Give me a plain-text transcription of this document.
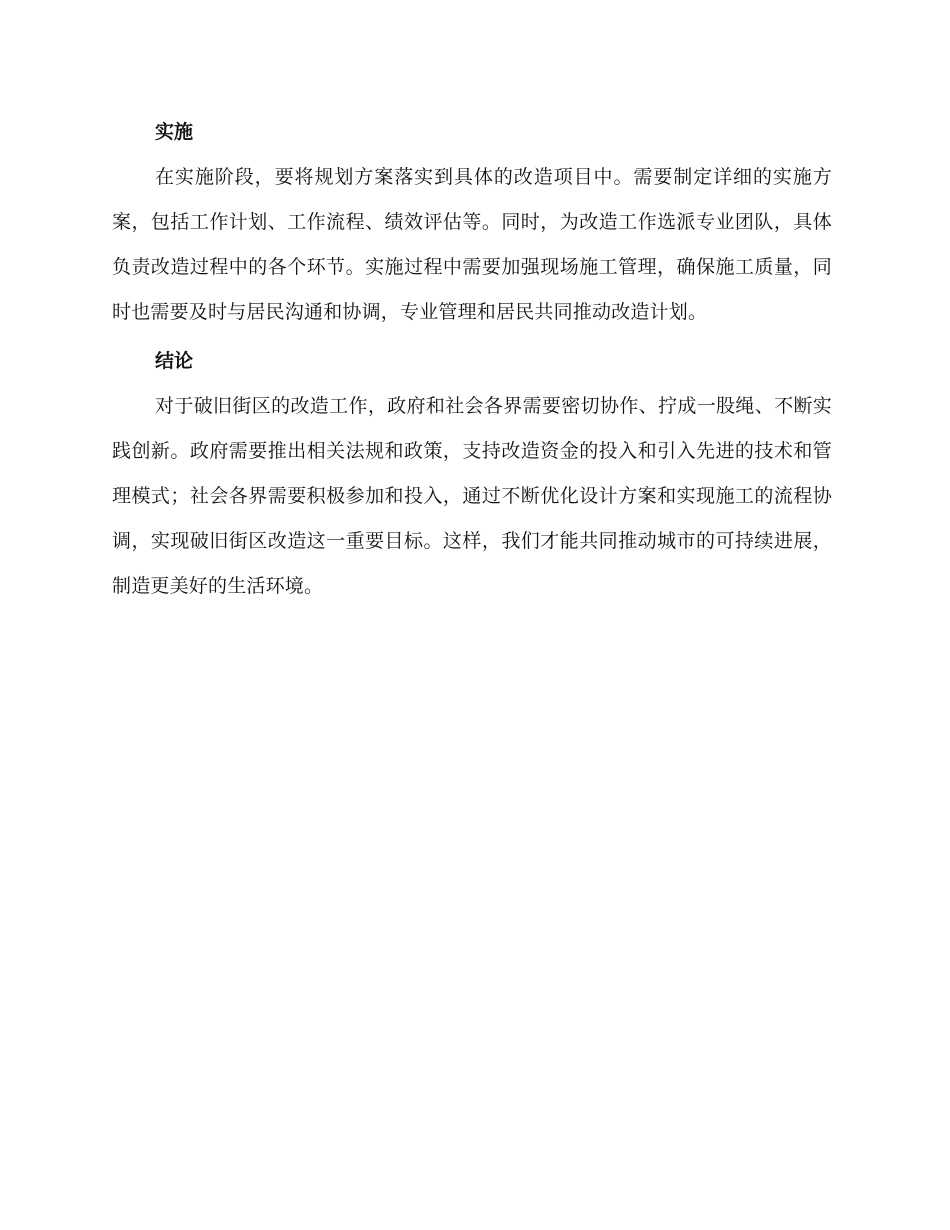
实施

在实施阶段，要将规划方案落实到具体的改造项目中。需要制定详细的实施方案，包括工作计划、工作流程、绩效评估等。同时，为改造工作选派专业团队，具体负责改造过程中的各个环节。实施过程中需要加强现场施工管理，确保施工质量，同时也需要及时与居民沟通和协调，专业管理和居民共同推动改造计划。

结论

对于破旧街区的改造工作，政府和社会各界需要密切协作、拧成一股绳、不断实践创新。政府需要推出相关法规和政策，支持改造资金的投入和引入先进的技术和管理模式；社会各界需要积极参加和投入，通过不断优化设计方案和实现施工的流程协调，实现破旧街区改造这一重要目标。这样，我们才能共同推动城市的可持续进展，制造更美好的生活环境。
